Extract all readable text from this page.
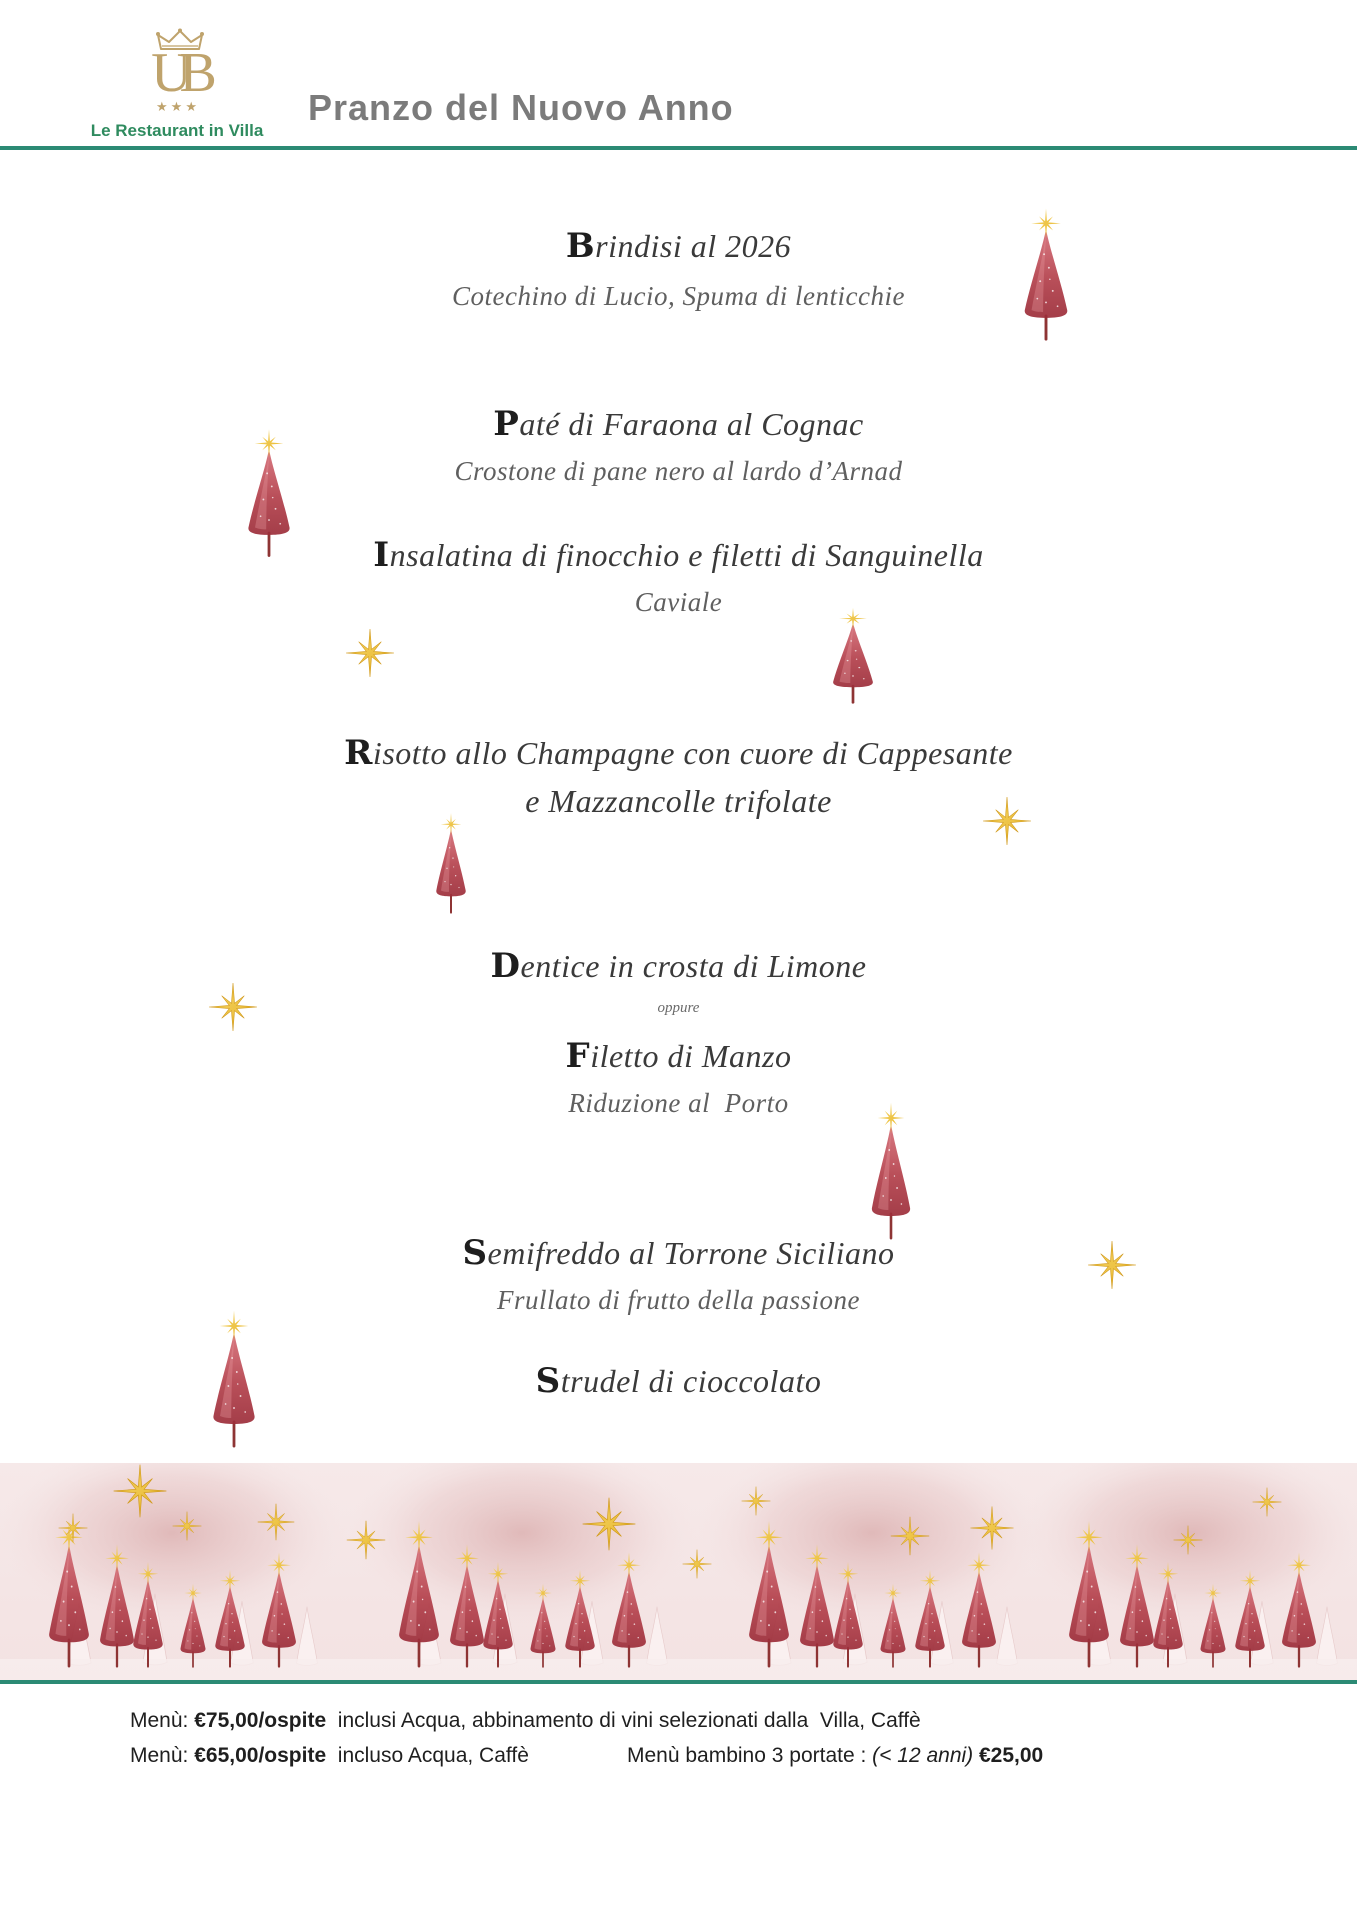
UB
★★★
Le Restaurant in Villa
Pranzo del Nuovo Anno
Brindisi al 2026
Cotechino di Lucio, Spuma di lenticchie
Paté di Faraona al Cognac
Crostone di pane nero al lardo d’Arnad
Insalatina di finocchio e filetti di Sanguinella
Caviale
Risotto allo Champagne con cuore di Cappesante
e Mazzancolle trifolate
Dentice in crosta di Limone
oppure
Filetto di Manzo
Riduzione al  Porto
Semifreddo al Torrone Siciliano
Frullato di frutto della passione
Strudel di cioccolato
Menù: €75,00/ospite inclusi Acqua, abbinamento di vini selezionati dalla  Villa, Caffè
Menù: €65,00/ospite incluso Acqua, Caffè	Menù bambino 3 portate : (< 12 anni) €25,00
